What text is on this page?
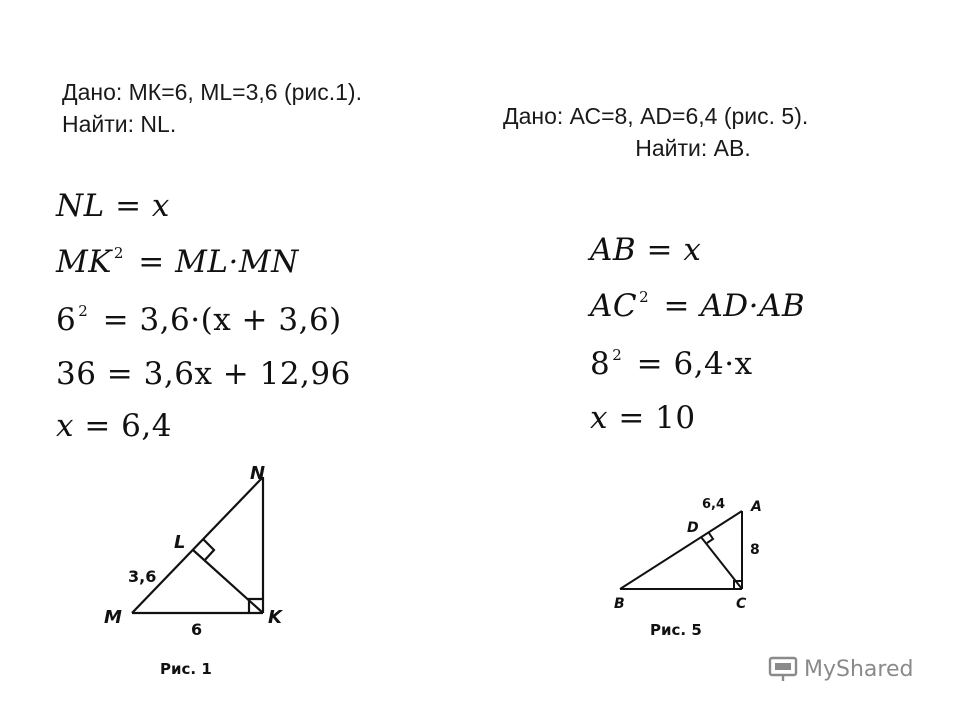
Дано: МК=6, ML=3,6 (рис.1).
Найти: NL.	Дано: АС=8, AD=6,4 (рис. 5).
Найти: АВ.
NL = x
MK $^2$ = ML·MN
6 $^2$ = 3,6·(x + 3,6)
36 = 3,6x + 12,96
x = 6,4
AB = x
AC $^2$ = AD·AB
8 $^2$ = 6,4·x
x = 10
N
L
M	K
3,6
6
Рис. 1
A
B	C
D
6,4
8
Рис. 5
MyShared
